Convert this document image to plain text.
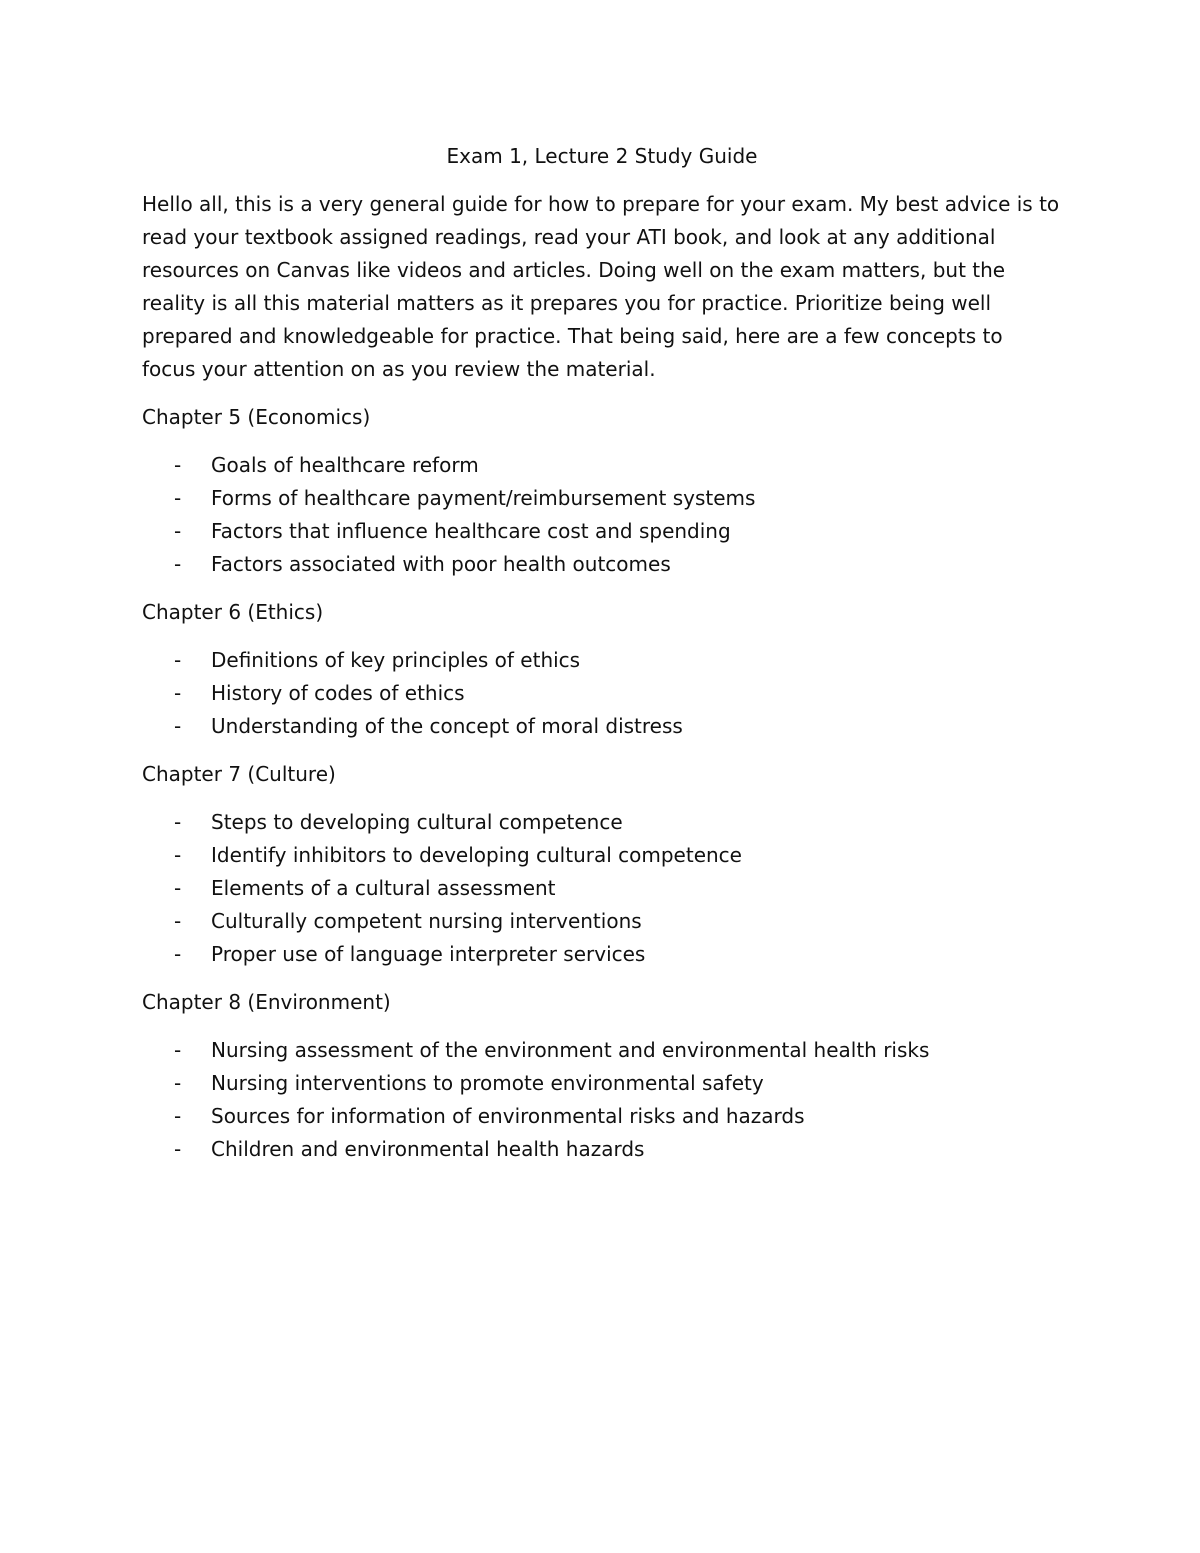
Exam 1, Lecture 2 Study Guide

Hello all, this is a very general guide for how to prepare for your exam. My best advice is to read your textbook assigned readings, read your ATI book, and look at any additional resources on Canvas like videos and articles. Doing well on the exam matters, but the reality is all this material matters as it prepares you for practice. Prioritize being well prepared and knowledgeable for practice. That being said, here are a few concepts to focus your attention on as you review the material.

Chapter 5 (Economics)
- Goals of healthcare reform
- Forms of healthcare payment/reimbursement systems
- Factors that influence healthcare cost and spending
- Factors associated with poor health outcomes
Chapter 6 (Ethics)
- Definitions of key principles of ethics
- History of codes of ethics
- Understanding of the concept of moral distress
Chapter 7 (Culture)
- Steps to developing cultural competence
- Identify inhibitors to developing cultural competence
- Elements of a cultural assessment
- Culturally competent nursing interventions
- Proper use of language interpreter services
Chapter 8 (Environment)
- Nursing assessment of the environment and environmental health risks
- Nursing interventions to promote environmental safety
- Sources for information of environmental risks and hazards
- Children and environmental health hazards
